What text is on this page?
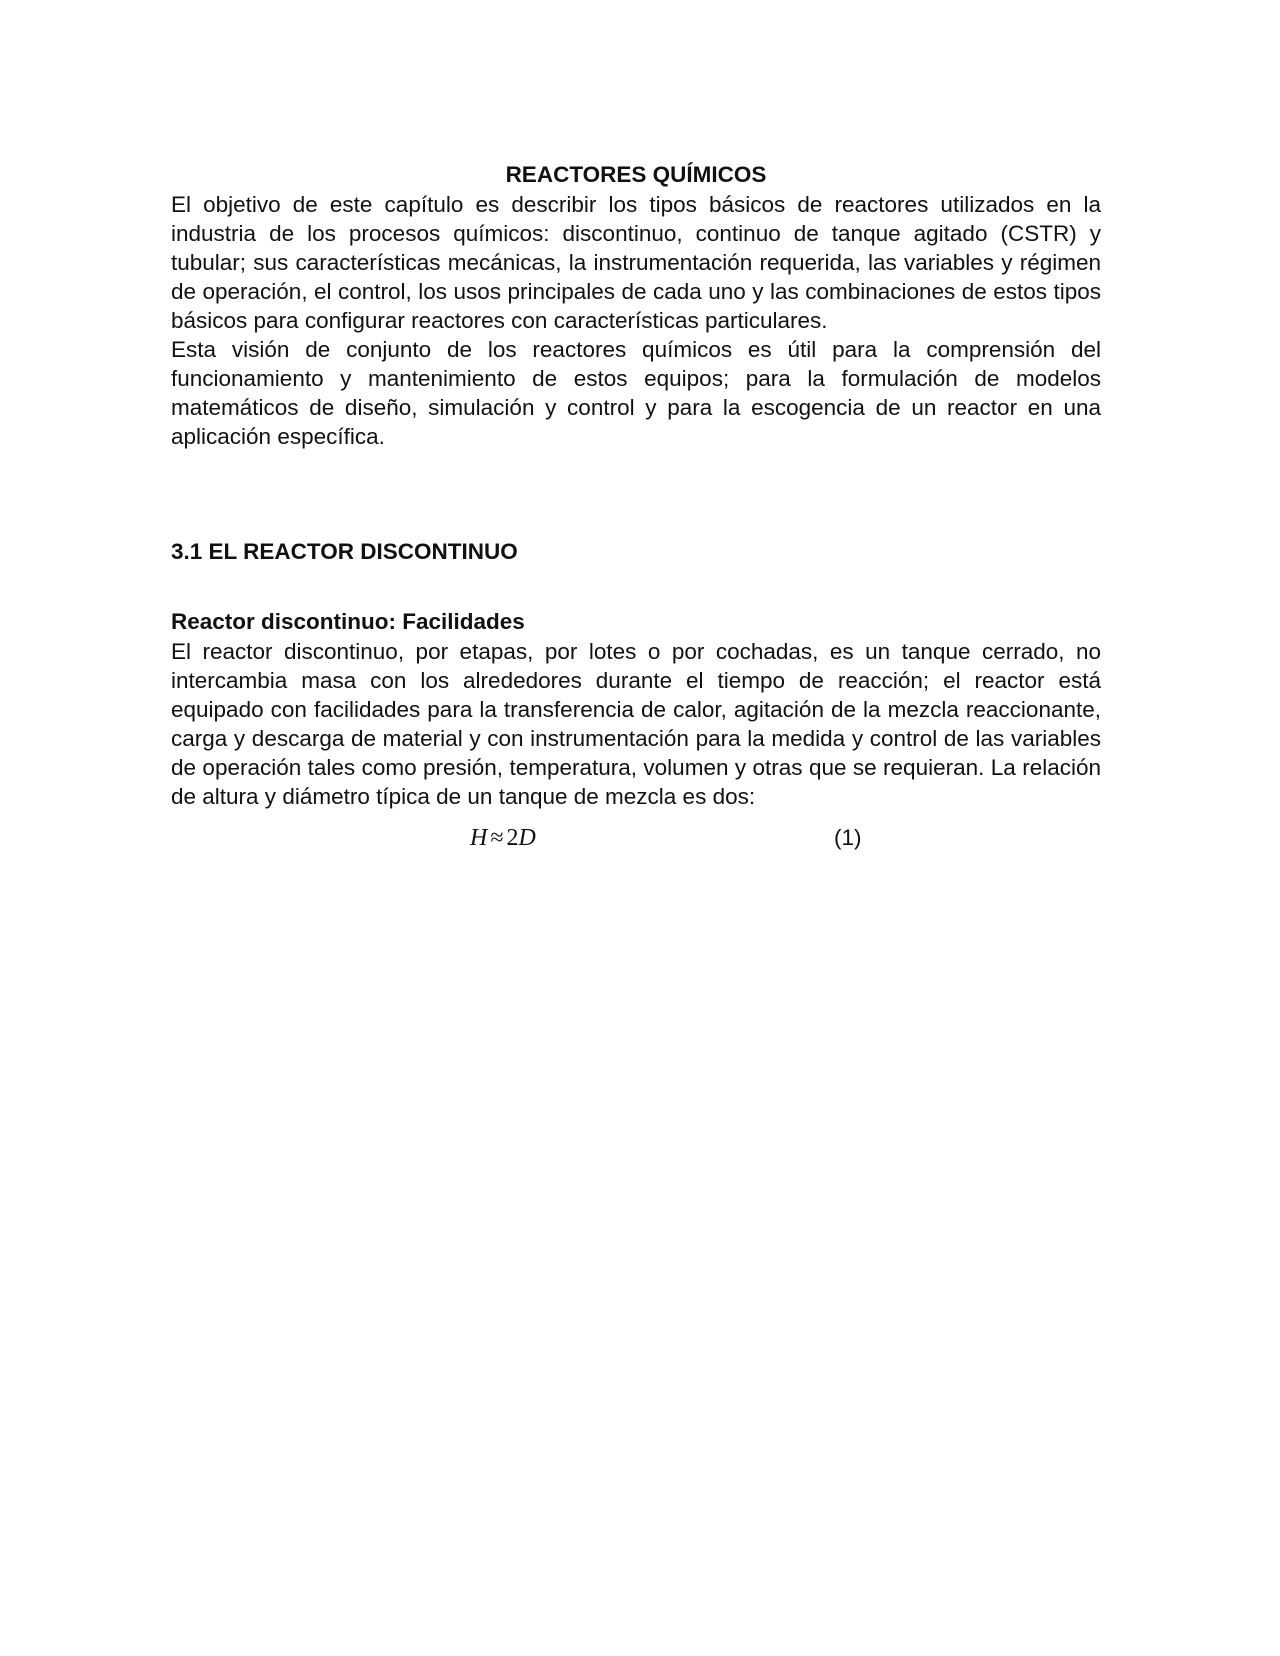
REACTORES QUÍMICOS

El objetivo de este capítulo es describir los tipos básicos de reactores utilizados en la industria de los procesos químicos: discontinuo, continuo de tanque agitado (CSTR) y tubular; sus características mecánicas, la instrumentación requerida, las variables y régimen de operación, el control, los usos principales de cada uno y las combinaciones de estos tipos básicos para configurar reactores con características particulares.

Esta visión de conjunto de los reactores químicos es útil para la comprensión del funcionamiento y mantenimiento de estos equipos; para la formulación de modelos matemáticos de diseño, simulación y control y para la escogencia de un reactor en una aplicación específica.

3.1 EL REACTOR DISCONTINUO
Reactor discontinuo: Facilidades

El reactor discontinuo, por etapas, por lotes o por cochadas, es un tanque cerrado, no intercambia masa con los alrededores durante el tiempo de reacción; el reactor está equipado con facilidades para la transferencia de calor, agitación de la mezcla reaccionante, carga y descarga de material y con instrumentación para la medida y control de las variables de operación tales como presión, temperatura, volumen y otras que se requieran. La relación de altura y diámetro típica de un tanque de mezcla es dos:

H ≈ 2D	(1)
